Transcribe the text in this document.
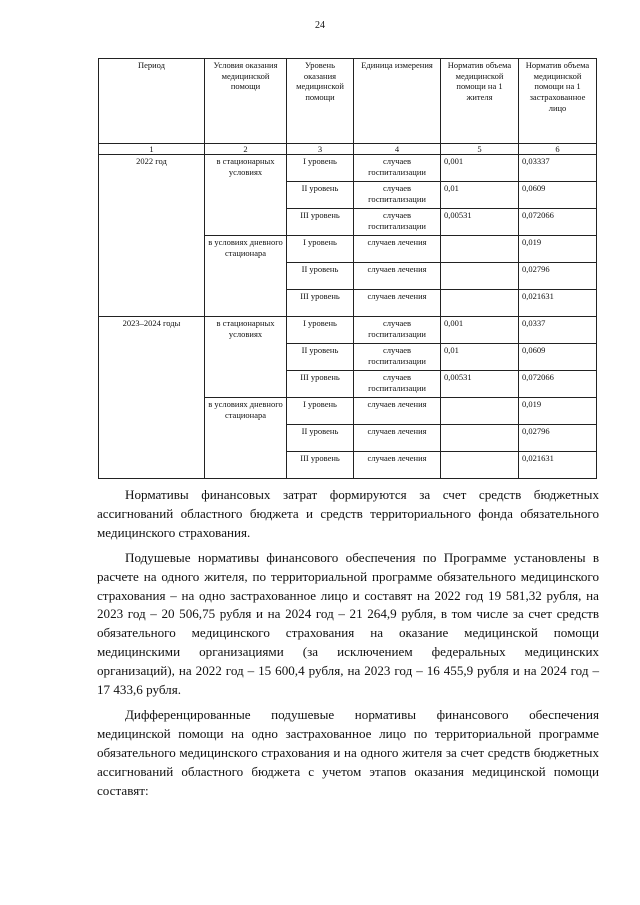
24
Период	Условия оказания медицинской помощи	Уровень оказания медицинской помощи	Единица измерения	Норматив объема медицинской помощи на 1 жителя	Норматив объема медицинской помощи на 1 застрахованное лицо
1	2	3	4	5	6
2022 год	в стационарных условиях	I уровень	случаев госпитализации	0,001	0,03337
		II уровень	случаев госпитализации	0,01	0,0609
		III уровень	случаев госпитализации	0,00531	0,072066
	в условиях дневного стационара	I уровень	случаев лечения		0,019
		II уровень	случаев лечения		0,02796
		III уровень	случаев лечения		0,021631
2023–2024 годы	в стационарных условиях	I уровень	случаев госпитализации	0,001	0,0337
		II уровень	случаев госпитализации	0,01	0,0609
		III уровень	случаев госпитализации	0,00531	0,072066
	в условиях дневного стационара	I уровень	случаев лечения		0,019
		II уровень	случаев лечения		0,02796
		III уровень	случаев лечения		0,021631

Нормативы финансовых затрат формируются за счет средств бюджетных ассигнований областного бюджета и средств территориального фонда обязательного медицинского страхования.

Подушевые нормативы финансового обеспечения по Программе установлены в расчете на одного жителя, по территориальной программе обязательного медицинского страхования – на одно застрахованное лицо и составят на 2022 год 19 581,32 рубля, на 2023 год – 20 506,75 рубля и на 2024 год – 21 264,9 рубля, в том числе за счет средств обязательного медицинского страхования на оказание медицинской помощи медицинскими организациями (за исключением федеральных медицинских организаций), на 2022 год – 15 600,4 рубля, на 2023 год – 16 455,9 рубля и на 2024 год – 17 433,6 рубля.

Дифференцированные подушевые нормативы финансового обеспечения медицинской помощи на одно застрахованное лицо по территориальной программе обязательного медицинского страхования и на одного жителя за счет средств бюджетных ассигнований областного бюджета с учетом этапов оказания медицинской помощи составят:
